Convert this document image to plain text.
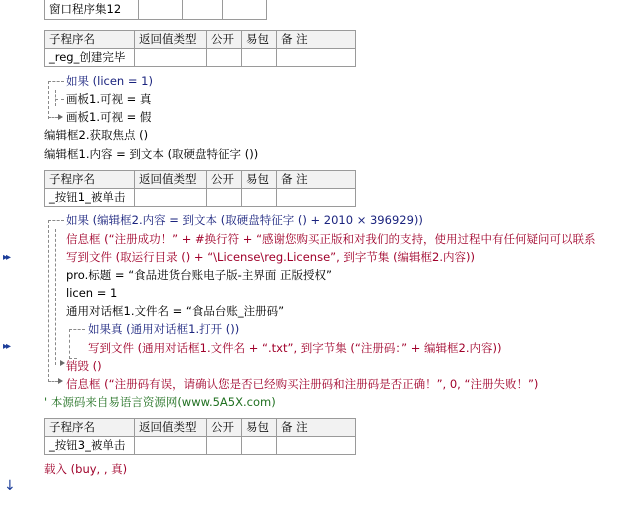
▸▸
▸▸
↓
窗口程序集12			
子程序名	返回值类型	公开	易包	备 注
_reg_创建完毕				
如果 (licen = 1)
画板1.可视 = 真
画板1.可视 = 假
编辑框2.获取焦点 ()
编辑框1.内容 = 到文本 (取硬盘特征字 ())
子程序名	返回值类型	公开	易包	备 注
_按钮1_被单击				
如果 (编辑框2.内容 = 到文本 (取硬盘特征字 () + 2010 × 396929))
信息框 (“注册成功！” + #换行符 + “感谢您购买正版和对我们的支持，使用过程中有任何疑问可以联系
写到文件 (取运行目录 () + “\License\reg.License”, 到字节集 (编辑框2.内容))
pro.标题 = “食品进货台账电子版-主界面 正版授权”
licen = 1
通用对话框1.文件名 = “食品台账_注册码”
如果真 (通用对话框1.打开 ())
写到文件 (通用对话框1.文件名 + “.txt”, 到字节集 (“注册码：” + 编辑框2.内容))
销毁 ()
信息框 (“注册码有误，请确认您是否已经购买注册码和注册码是否正确！”, 0, “注册失败！”)
' 本源码来自易语言资源网(www.5A5X.com)
子程序名	返回值类型	公开	易包	备 注
_按钮3_被单击				
载入 (buy, , 真)
